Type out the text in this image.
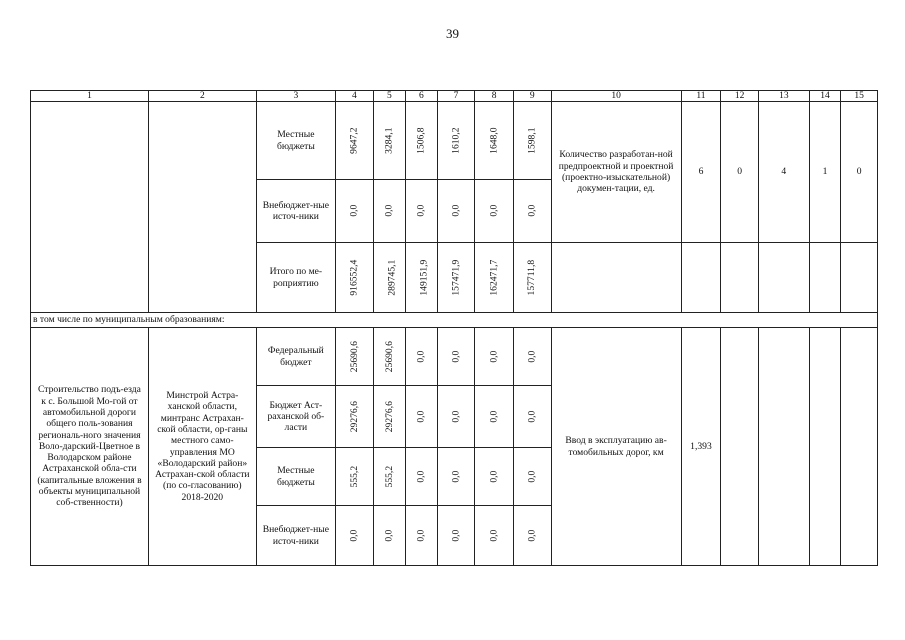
39
1	2	3	4	5	6	7	8	9	10	11	12	13	14	15
		Местные бюджеты	9647,2	3284,1	1506,8	1610,2	1648,0	1598,1	Количество разработан-ной предпроектной и проектной (проектно-изыскательной) докумен-тации, ед.	6	0	4	1	0
		Внебюджет-ные источ-ники	0,0	0,0	0,0	0,0	0,0	0,0						
		Итого по ме-роприятию	916552,4	289745,1	149151,9	157471,9	162471,7	157711,8						
в том числе по муниципальным образованиям:														
Строительство подъ-езда к с. Большой Мо-гой от автомобильной дороги общего поль-зования региональ-ного значения Воло-дарский-Цветное в Володарском районе Астраханской обла-сти (капитальные вложения в объекты муниципальной соб-ственности)	Минстрой Астра-ханской области, минтранс Астрахан-ской области, ор-ганы местного само-управления МО «Володарский район» Астрахан-ской области (по со-гласованию) 2018-2020	Федеральный бюджет	25690,6	25690,6	0,0	0,0	0,0	0,0	Ввод в эксплуатацию ав-томобильных дорог, км	1,393				
		Бюджет Аст-раханской об-ласти	29276,6	29276,6	0,0	0,0	0,0	0,0						
		Местные бюджеты	555,2	555,2	0,0	0,0	0,0	0,0						
		Внебюджет-ные источ-ники	0,0	0,0	0,0	0,0	0,0	0,0						
